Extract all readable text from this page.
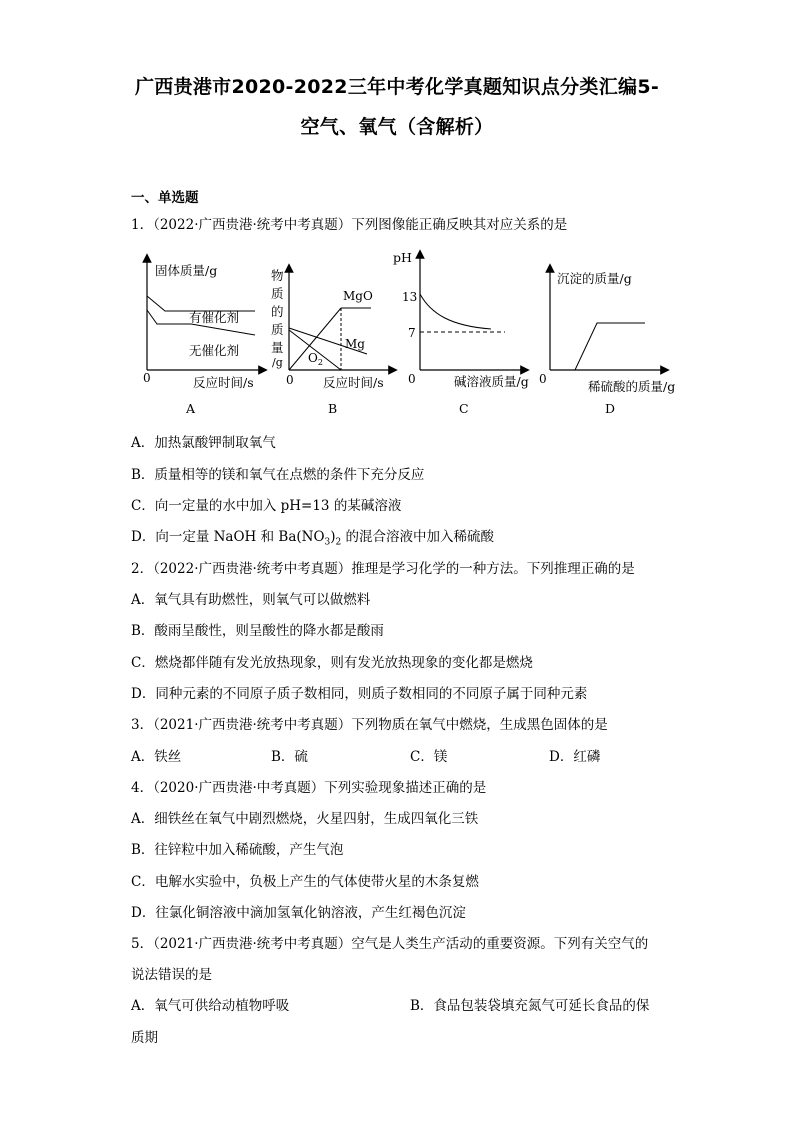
广西贵港市2020-2022三年中考化学真题知识点分类汇编5-
空气、氧气（含解析）
一、单选题
1．（2022·广西贵港·统考中考真题）下列图像能正确反映其对应关系的是
固体质量/g
有催化剂
无催化剂
0	反应时间/s
A
物
质
的
质
量
/g
MgO
Mg
$O_2$
0 反应时间/s
B
pH
13
7
0	碱溶液质量/g
C
沉淀的质量/g
0	稀硫酸的质量/g
D
A．加热氯酸钾制取氧气
B．质量相等的镁和氧气在点燃的条件下充分反应
C．向一定量的水中加入 pH=13 的某碱溶液
D．向一定量 NaOH 和 $Ba(NO_3)_2$ 的混合溶液中加入稀硫酸
2．（2022·广西贵港·统考中考真题）推理是学习化学的一种方法。下列推理正确的是
A．氧气具有助燃性，则氧气可以做燃料
B．酸雨呈酸性，则呈酸性的降水都是酸雨
C．燃烧都伴随有发光放热现象，则有发光放热现象的变化都是燃烧
D．同种元素的不同原子质子数相同，则质子数相同的不同原子属于同种元素
3．（2021·广西贵港·统考中考真题）下列物质在氧气中燃烧，生成黑色固体的是
A．铁丝	B．硫	C．镁	D．红磷
4．（2020·广西贵港·中考真题）下列实验现象描述正确的是
A．细铁丝在氧气中剧烈燃烧，火星四射，生成四氧化三铁
B．往锌粒中加入稀硫酸，产生气泡
C．电解水实验中，负极上产生的气体使带火星的木条复燃
D．往氯化铜溶液中滴加氢氧化钠溶液，产生红褐色沉淀
5．（2021·广西贵港·统考中考真题）空气是人类生产活动的重要资源。下列有关空气的
说法错误的是
A．氧气可供给动植物呼吸	B．食品包装袋填充氮气可延长食品的保
质期
